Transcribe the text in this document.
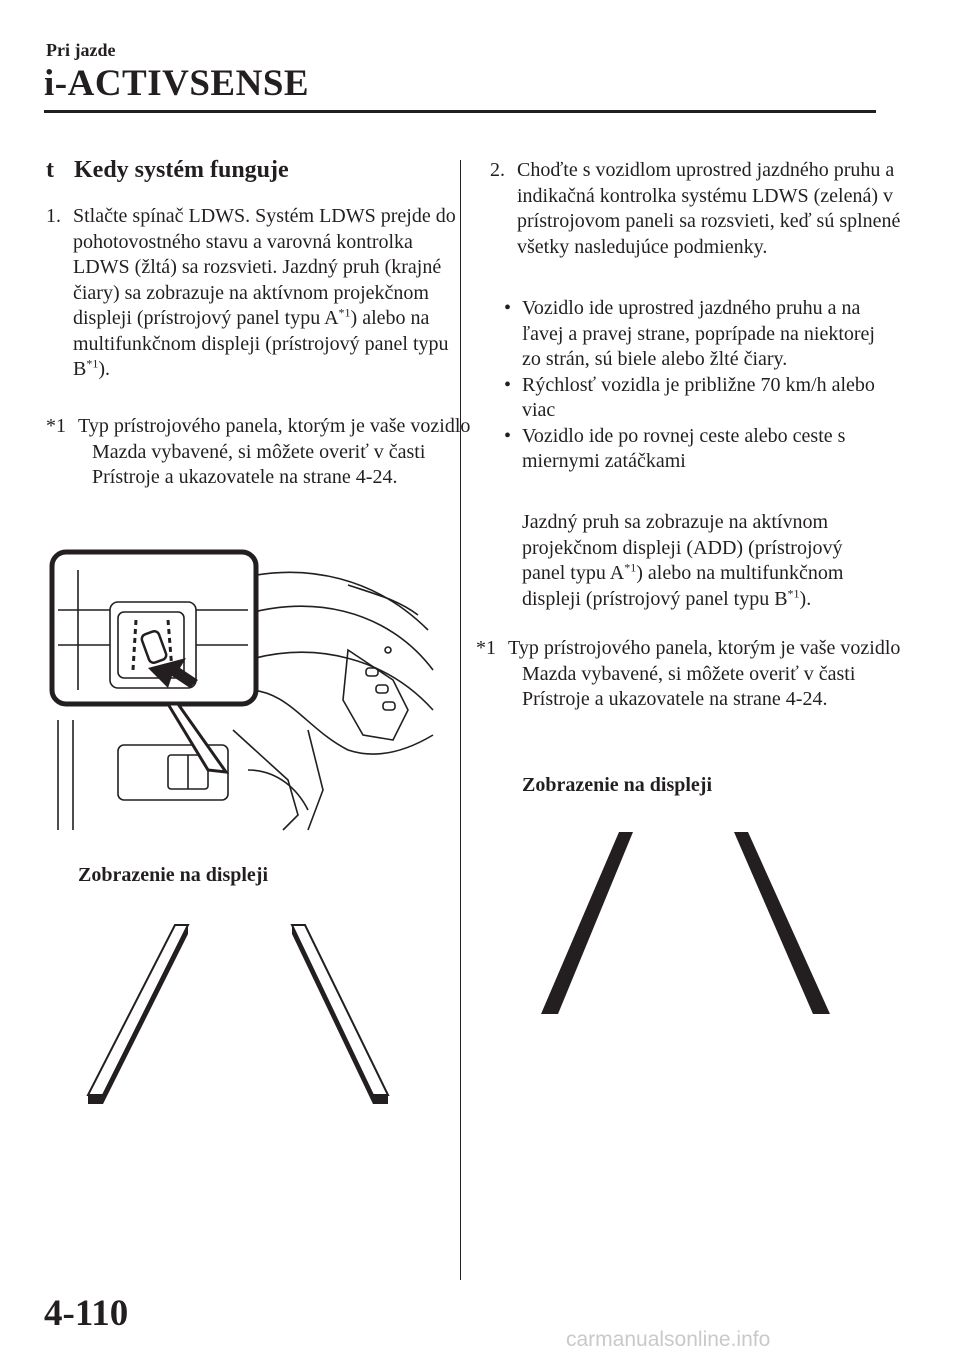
Pri jazde
i-ACTIVSENSE
t Kedy systém funguje
1. Stlačte spínač LDWS. Systém LDWS prejde do pohotovostného stavu a varovná kontrolka LDWS (žltá) sa rozsvieti. Jazdný pruh (krajné čiary) sa zobrazuje na aktívnom projekčnom displeji (prístrojový panel typu $A^{*1}$) alebo na multifunkčnom displeji (prístrojový panel typu $B^{*1}$).
*1 Typ prístrojového panela, ktorým je vaše vozidlo Mazda vybavené, si môžete overiť v časti Prístroje a ukazovatele na strane 4-24.
Zobrazenie na displeji
2. Choďte s vozidlom uprostred jazdného pruhu a indikačná kontrolka systému LDWS (zelená) v prístrojovom paneli sa rozsvieti, keď sú splnené všetky nasledujúce podmienky.
• Vozidlo ide uprostred jazdného pruhu a na ľavej a pravej strane, poprípade na niektorej zo strán, sú biele alebo žlté čiary.
• Rýchlosť vozidla je približne 70 km/h alebo viac
• Vozidlo ide po rovnej ceste alebo ceste s miernymi zatáčkami
Jazdný pruh sa zobrazuje na aktívnom projekčnom displeji (ADD) (prístrojový panel typu $A^{*1}$) alebo na multifunkčnom displeji (prístrojový panel typu $B^{*1}$).
*1 Typ prístrojového panela, ktorým je vaše vozidlo Mazda vybavené, si môžete overiť v časti Prístroje a ukazovatele na strane 4-24.
Zobrazenie na displeji
4-110
carmanualsonline.info
